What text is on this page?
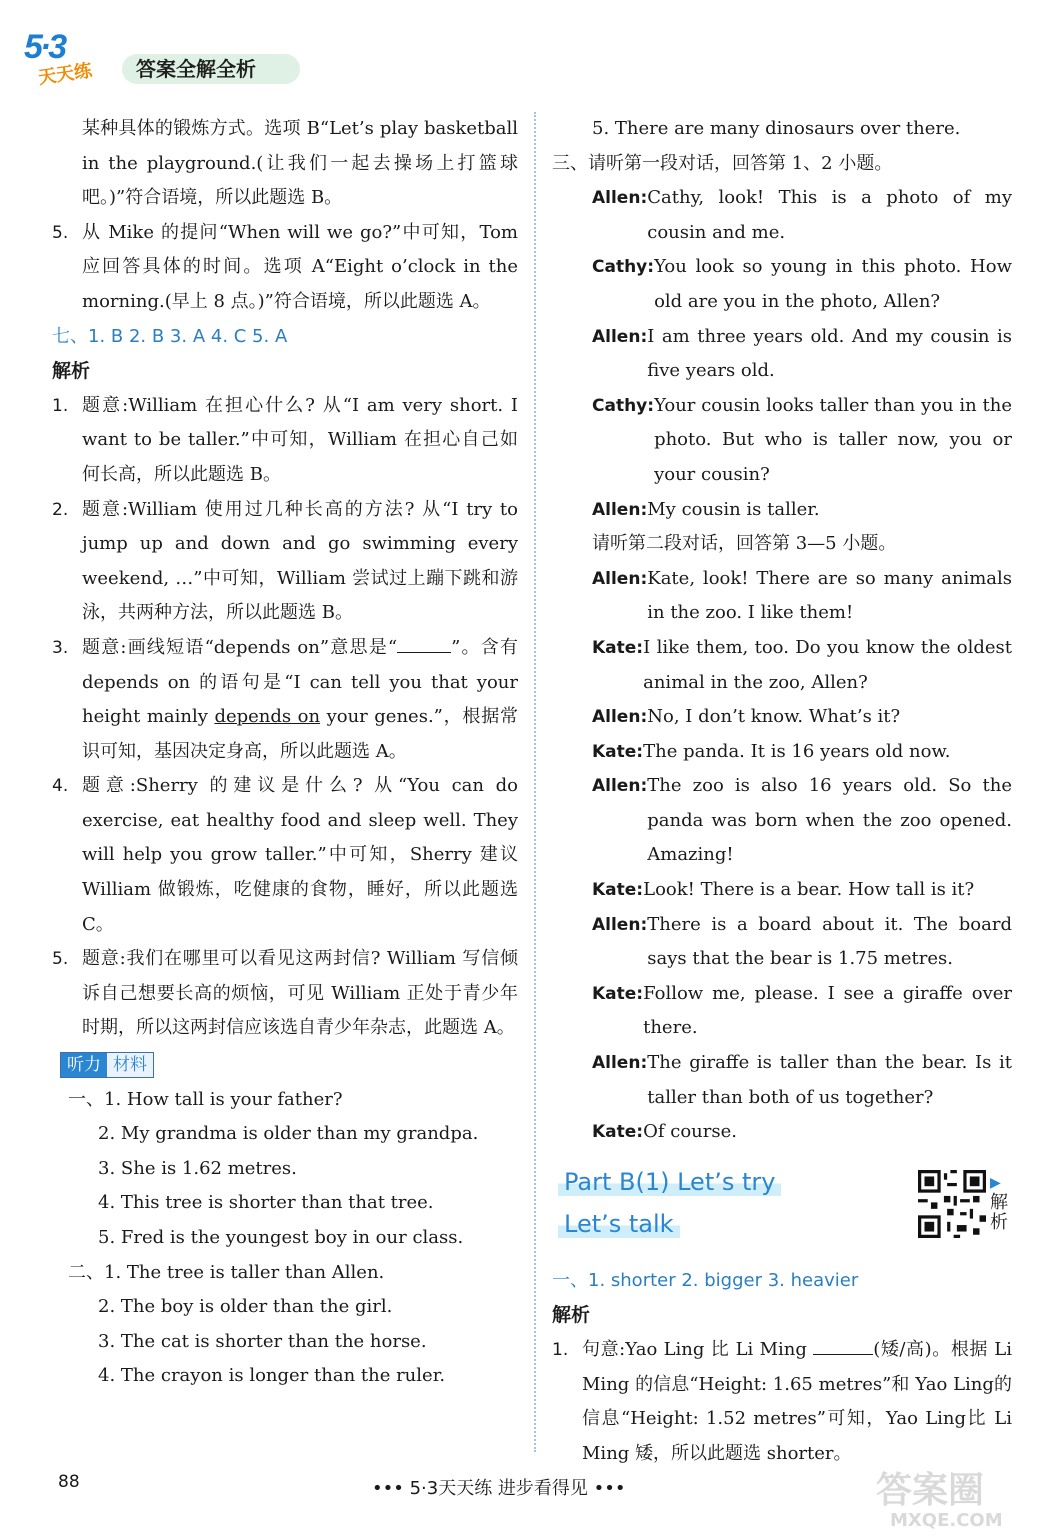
5·3
天天练	答案全解全析

某种具体的锻炼方式。选项 B“Let’s play basketball in the playground.(让我们一起去操场上打篮球吧。)”符合语境，所以此题选 B。

5. 从 Mike 的提问“When will we go?”中可知，Tom 应回答具体的时间。选项 A“Eight o’clock in the morning.(早上 8 点。)”符合语境，所以此题选 A。
七、1. B 2. B 3. A 4. C 5. A
解析
1. 题意:William 在担心什么? 从“I am very short. I want to be taller.”中可知，William 在担心自己如何长高，所以此题选 B。
2. 题意:William 使用过几种长高的方法? 从“I try to jump up and down and go swimming every weekend, …”中可知，William 尝试过上蹦下跳和游泳，共两种方法，所以此题选 B。
3. 题意:画线短语“depends on”意思是“	”。含有 depends on 的语句是“I can tell you that your height mainly depends on your genes.”，根据常识可知，基因决定身高，所以此题选 A。
4. 题意:Sherry 的建议是什么? 从“You can do exercise, eat healthy food and sleep well. They will help you grow taller.”中可知，Sherry 建议 William 做锻炼，吃健康的食物，睡好，所以此题选 C。
5. 题意:我们在哪里可以看见这两封信? William 写信倾诉自己想要长高的烦恼，可见 William 正处于青少年时期，所以这两封信应该选自青少年杂志，此题选 A。
听力 材料
一、 1. How tall is your father?
2. My grandma is older than my grandpa.
3. She is 1.62 metres.
4. This tree is shorter than that tree.
5. Fred is the youngest boy in our class.
二、 1. The tree is taller than Allen.
2. The boy is older than the girl.
3. The cat is shorter than the horse.
4. The crayon is longer than the ruler.
5. There are many dinosaurs over there.
三、请听第一段对话，回答第 1、2 小题。
Allen: Cathy, look! This is a photo of my cousin and me.
Cathy: You look so young in this photo. How old are you in the photo, Allen?
Allen: I am three years old. And my cousin is five years old.
Cathy: Your cousin looks taller than you in the photo. But who is taller now, you or your cousin?
Allen: My cousin is taller.
请听第二段对话，回答第 3—5 小题。
Allen: Kate, look! There are so many animals in the zoo. I like them!
Kate: I like them, too. Do you know the oldest animal in the zoo, Allen?
Allen: No, I don’t know. What’s it?
Kate: The panda. It is 16 years old now.
Allen: The zoo is also 16 years old. So the panda was born when the zoo opened. Amazing!
Kate: Look! There is a bear. How tall is it?
Allen: There is a board about it. The board says that the bear is 1.75 metres.
Kate: Follow me, please. I see a giraffe over there.
Allen: The giraffe is taller than the bear. Is it taller than both of us together?
Kate: Of course.
Part B(1) Let’s try
Let’s talk
▶解析
一、1. shorter 2. bigger 3. heavier
解析
1. 句意:Yao Ling 比 Li Ming	(矮/高)。根据 Li Ming 的信息“Height: 1.65 metres”和 Yao Ling的信息“Height: 1.52 metres”可知，Yao Ling比 Li Ming 矮，所以此题选 shorter。
88	••• 5·3天天练 进步看得见 •••	答案圈
MXQE.COM
